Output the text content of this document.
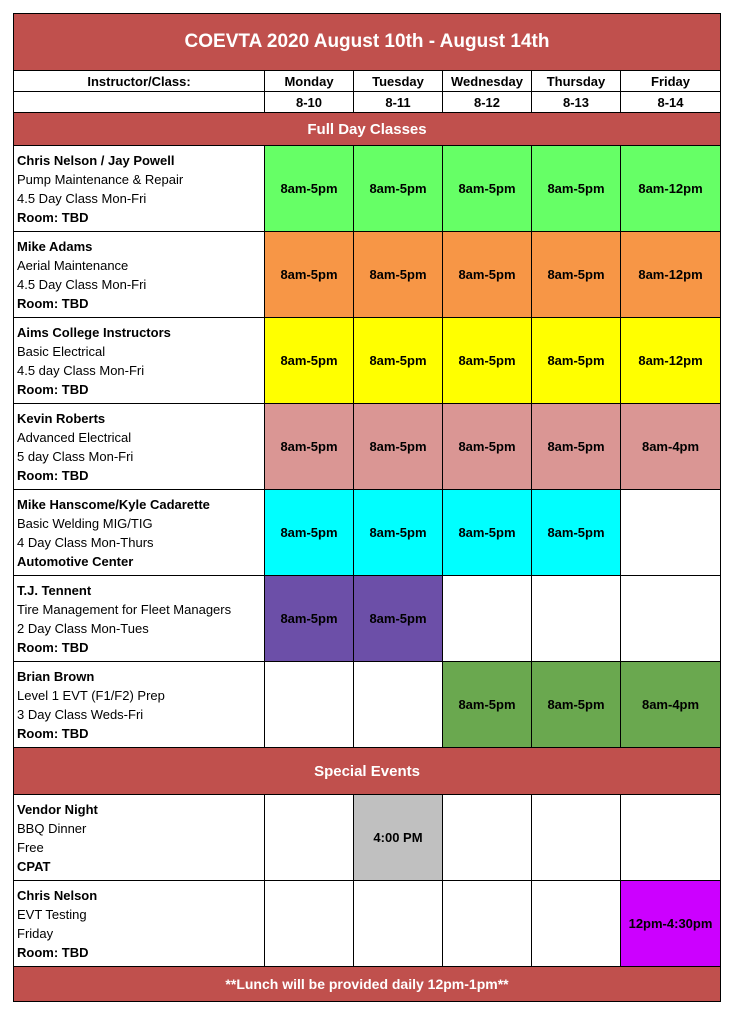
COEVTA 2020 August 10th - August 14th					
Instructor/Class:	Monday	Tuesday	Wednesday	Thursday	Friday
	8-10	8-11	8-12	8-13	8-14
Full Day Classes					

Chris Nelson / Jay Powell
Pump Maintenance & Repair
4.5 Day Class Mon-Fri
Room: TBD	8am-5pm	8am-5pm	8am-5pm	8am-5pm	8am-12pm

Mike Adams
Aerial Maintenance
4.5 Day Class Mon-Fri
Room: TBD	8am-5pm	8am-5pm	8am-5pm	8am-5pm	8am-12pm

Aims College Instructors
Basic Electrical
4.5 day Class Mon-Fri
Room: TBD	8am-5pm	8am-5pm	8am-5pm	8am-5pm	8am-12pm

Kevin Roberts
Advanced Electrical
5 day Class Mon-Fri
Room: TBD	8am-5pm	8am-5pm	8am-5pm	8am-5pm	8am-4pm

Mike Hanscome/Kyle Cadarette
Basic Welding MIG/TIG
4 Day Class Mon-Thurs
Automotive Center	8am-5pm	8am-5pm	8am-5pm	8am-5pm	

T.J. Tennent
Tire Management for Fleet Managers
2 Day Class Mon-Tues
Room: TBD	8am-5pm	8am-5pm			

Brian Brown
Level 1 EVT (F1/F2) Prep
3 Day Class Weds-Fri
Room: TBD			8am-5pm	8am-5pm	8am-4pm
Special Events					

Vendor Night
BBQ Dinner
Free
CPAT		4:00 PM			

Chris Nelson
EVT Testing
Friday
Room: TBD					12pm-4:30pm
**Lunch will be provided daily 12pm-1pm**					
